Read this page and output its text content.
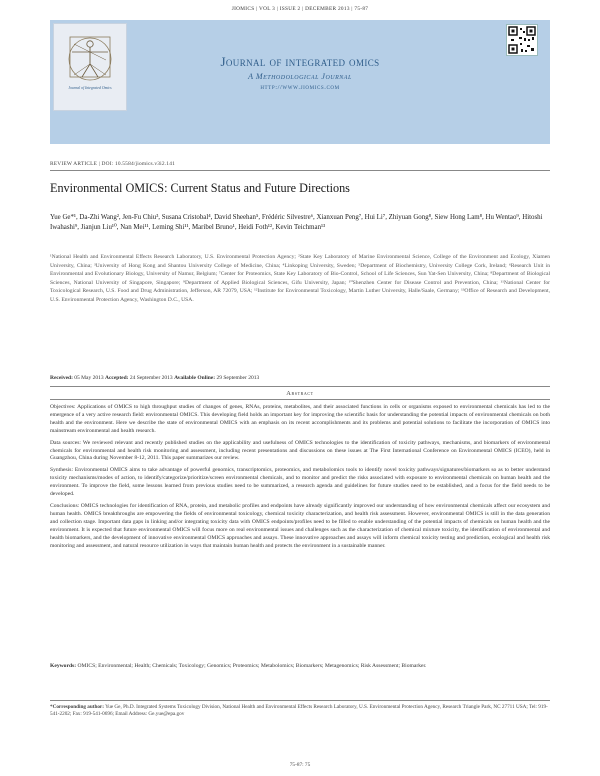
JIOMICS | VOL 3 | ISSUE 2 | DECEMBER 2013 | 75-87
Journal of Integrated Omics
Journal of integrated omics
A Methodological Journal
http://www.jiomics.com
REVIEW ARTICLE | DOI: 10.5584/jiomics.v3i2.141
Environmental OMICS: Current Status and Future Directions
Yue Ge*¹, Da-Zhi Wang², Jen-Fu Chiu³, Susana Cristobal⁴, David Sheehan⁵, Frédéric Silvestre⁶, Xianxuan Peng⁷, Hui Li⁷, Zhiyuan Gong⁸, Siew Hong Lam⁸, Hu Wentao⁹, Hitoshi Iwahashi⁹, Jianjun Liu¹⁰, Nan Mei¹¹, Leming Shi¹¹, Maribel Bruno¹, Heidi Foth¹², Kevin Teichman¹³
¹National Health and Environmental Effects Research Laboratory, U.S. Environmental Protection Agency; ²State Key Laboratory of Marine Environmental Science, College of the Environment and Ecology, Xiamen University, China; ³University of Hong Kong and Shantou University College of Medicine, China; ⁴Linkoping University, Sweden; ⁵Department of Biochemistry, University College Cork, Ireland; ⁶Research Unit in Environmental and Evolutionary Biology, University of Namur, Belgium; ⁷Center for Proteomics, State Key Laboratory of Bio-Control, School of Life Sciences, Sun Yat-Sen University, China; ⁸Department of Biological Sciences, National University of Singapore, Singapore; ⁹Department of Applied Biological Sciences, Gifu University, Japan; ¹⁰Shenzhen Center for Disease Control and Prevention, China; ¹¹National Center for Toxicological Research, U.S. Food and Drug Administration, Jefferson, AR 72079, USA; ¹²Institute for Environmental Toxicology, Martin Luther University, Halle/Saale, Germany; ¹³Office of Research and Development, U.S. Environmental Protection Agency, Washington D.C., USA.
Received: 05 May 2013 Accepted: 24 September 2013 Available Online: 29 September 2013
Abstract

Objectives: Applications of OMICS to high throughput studies of changes of genes, RNAs, proteins, metabolites, and their associated functions in cells or organisms exposed to environmental chemicals has led to the emergence of a very active research field: environmental OMICS. This developing field holds an important key for improving the scientific basis for understanding the potential impacts of environmental chemicals on both health and the environment. Here we describe the state of environmental OMICS with an emphasis on its recent accomplishments and its problems and potential solutions to facilitate the incorporation of OMICS into mainstream environmental and health research.

Data sources: We reviewed relevant and recently published studies on the applicability and usefulness of OMICS technologies to the identification of toxicity pathways, mechanisms, and biomarkers of environmental chemicals for environmental and health risk monitoring and assessment, including recent presentations and discussions on these issues at The First International Conference on Environmental OMICS (ICEO), held in Guangzhou, China during November 8-12, 2011. This paper summarizes our review.

Synthesis: Environmental OMICS aims to take advantage of powerful genomics, transcriptomics, proteomics, and metabolomics tools to identify novel toxicity pathways/signatures/biomarkers so as to better understand toxicity mechanisms/modes of action, to identify/categorize/prioritize/screen environmental chemicals, and to monitor and predict the risks associated with exposure to environmental chemicals on human health and the environment. To improve the field, some lessons learned from previous studies need to be summarized, a research agenda and guidelines for future studies need to be established, and a focus for the field needs to be developed.

Conclusions: OMICS technologies for identification of RNA, protein, and metabolic profiles and endpoints have already significantly improved our understanding of how environmental chemicals affect our ecosystem and human health. OMICS breakthroughs are empowering the fields of environmental toxicology, chemical toxicity characterization, and health risk assessment. However, environmental OMICS is still in the data generation and collection stage. Important data gaps in linking and/or integrating toxicity data with OMICS endpoints/profiles need to be filled to enable understanding of the potential impacts of chemicals on human health and the environment. It is expected that future environmental OMICS will focus more on real environmental issues and challenges such as the characterization of chemical mixture toxicity, the identification of environmental and health biomarkers, and the development of innovative environmental OMICS approaches and assays. These innovative approaches and assays will inform chemical toxicity testing and prediction, ecological and health risk monitoring and assessment, and natural resource utilization in ways that maintain human health and protects the environment in a sustainable manner.

Keywords: OMICS; Environmental; Health; Chemicals; Toxicology; Genomics; Proteomics; Metabolomics; Biomarkers; Metagenomics; Risk Assessment; Biomarker.
*Corresponding author: Yue Ge, Ph.D. Integrated Systems Toxicology Division, National Health and Environmental Effects Research Laboratory, U.S. Environmental Protection Agency, Research Triangle Park, NC 27711 USA; Tel: 919-541-2202; Fax: 919-541-0696; Email Address: Ge.yue@epa.gov
75-87: 75
